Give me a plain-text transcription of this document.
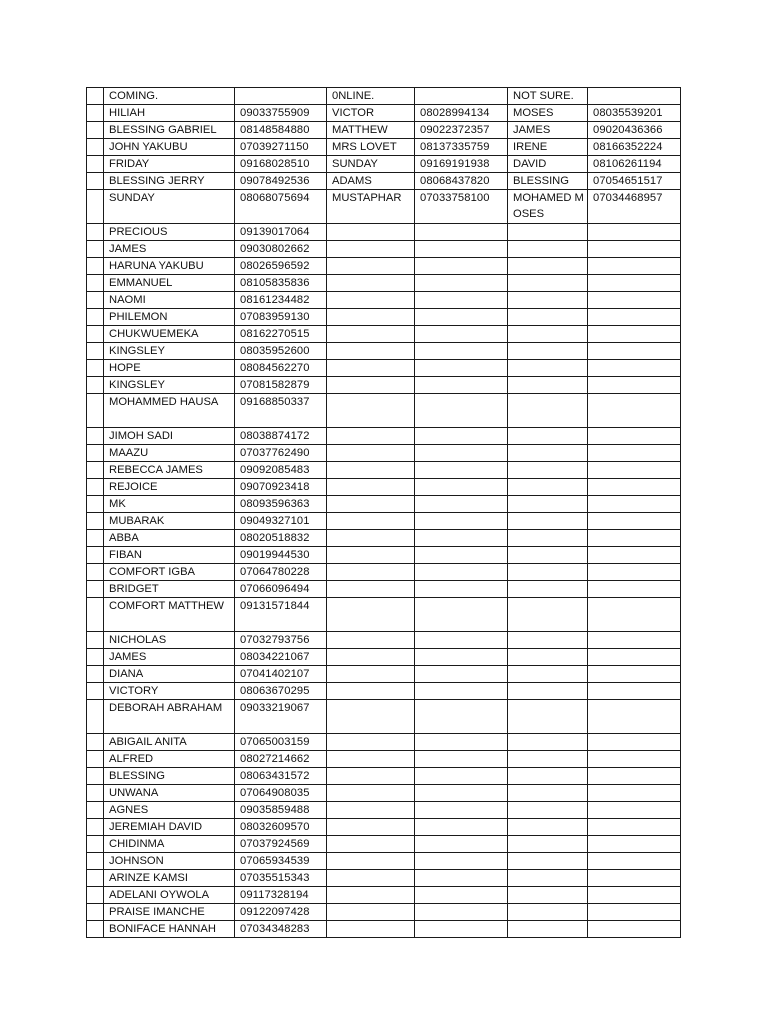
	COMING.		0NLINE.		NOT SURE.	
	HILIAH	09033755909	VICTOR	08028994134	MOSES	08035539201
	BLESSING GABRIEL	08148584880	MATTHEW	09022372357	JAMES	09020436366
	JOHN YAKUBU	07039271150	MRS LOVET	08137335759	IRENE	08166352224
	FRIDAY	09168028510	SUNDAY	09169191938	DAVID	08106261194
	BLESSING JERRY	09078492536	ADAMS	08068437820	BLESSING	07054651517
	SUNDAY	08068075694	MUSTAPHAR	07033758100	MOHAMED MOSES	07034468957
	PRECIOUS	09139017064				
	JAMES	09030802662				
	HARUNA YAKUBU	08026596592				
	EMMANUEL	08105835836				
	NAOMI	08161234482				
	PHILEMON	07083959130				
	CHUKWUEMEKA	08162270515				
	KINGSLEY	08035952600				
	HOPE	08084562270				
	KINGSLEY	07081582879				
	MOHAMMED HAUSA	09168850337				
	JIMOH SADI	08038874172				
	MAAZU	07037762490				
	REBECCA JAMES	09092085483				
	REJOICE	09070923418				
	MK	08093596363				
	MUBARAK	09049327101				
	ABBA	08020518832				
	FIBAN	09019944530				
	COMFORT IGBA	07064780228				
	BRIDGET	07066096494				
	COMFORT MATTHEW	09131571844				
	NICHOLAS	07032793756				
	JAMES	08034221067				
	DIANA	07041402107				
	VICTORY	08063670295				
	DEBORAH ABRAHAM	09033219067				
	ABIGAIL ANITA	07065003159				
	ALFRED	08027214662				
	BLESSING	08063431572				
	UNWANA	07064908035				
	AGNES	09035859488				
	JEREMIAH DAVID	08032609570				
	CHIDINMA	07037924569				
	JOHNSON	07065934539				
	ARINZE KAMSI	07035515343				
	ADELANI OYWOLA	09117328194				
	PRAISE IMANCHE	09122097428				
	BONIFACE HANNAH	07034348283				
